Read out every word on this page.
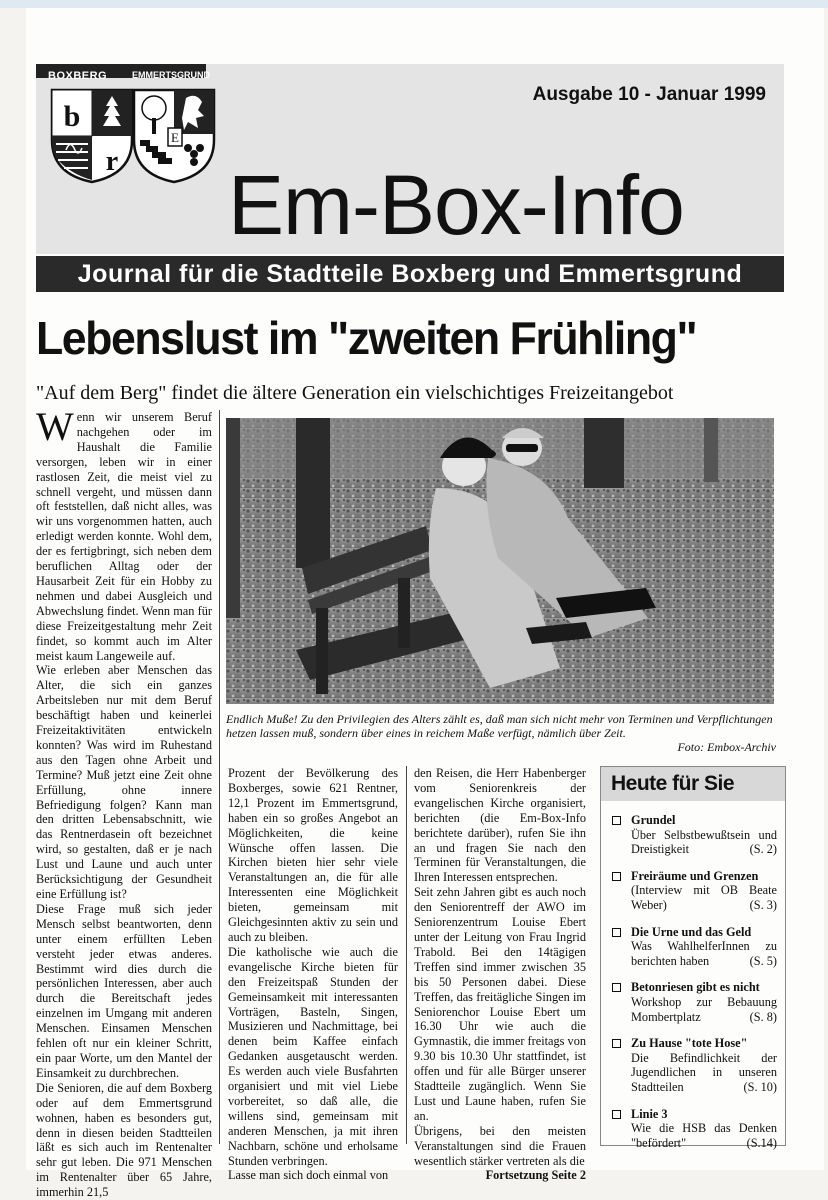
BOXBERG	EMMERTSGRUND
b
r
E
Ausgabe 10 - Januar 1999
Em-Box-Info
Journal für die Stadtteile Boxberg und Emmertsgrund
Lebenslust im "zweiten Frühling"
"Auf dem Berg" findet die ältere Generation ein vielschichtiges Freizeitangebot

Wenn wir unserem Beruf nachgehen oder im Haushalt die Familie versorgen, leben wir in einer rastlosen Zeit, die meist viel zu schnell vergeht, und müssen dann oft feststellen, daß nicht alles, was wir uns vorgenommen hatten, auch erledigt werden konnte. Wohl dem, der es fertigbringt, sich neben dem beruflichen Alltag oder der Hausarbeit Zeit für ein Hobby zu nehmen und dabei Ausgleich und Abwechslung findet. Wenn man für diese Freizeitgestaltung mehr Zeit findet, so kommt auch im Alter meist kaum Langeweile auf.

Wie erleben aber Menschen das Alter, die sich ein ganzes Arbeitsleben nur mit dem Beruf beschäftigt haben und keinerlei Freizeitaktivitäten entwickeln konnten? Was wird im Ruhestand aus den Tagen ohne Arbeit und Termine? Muß jetzt eine Zeit ohne Erfüllung, ohne innere Befriedigung folgen? Kann man den dritten Lebensabschnitt, wie das Rentnerdasein oft bezeichnet wird, so gestalten, daß er je nach Lust und Laune und auch unter Berücksichtigung der Gesundheit eine Erfüllung ist?

Diese Frage muß sich jeder Mensch selbst beantworten, denn unter einem erfüllten Leben versteht jeder etwas anderes. Bestimmt wird dies durch die persönlichen Interessen, aber auch durch die Bereitschaft jedes einzelnen im Umgang mit anderen Menschen. Einsamen Menschen fehlen oft nur ein kleiner Schritt, ein paar Worte, um den Mantel der Einsamkeit zu durchbrechen.

Die Senioren, die auf dem Boxberg oder auf dem Emmertsgrund wohnen, haben es besonders gut, denn in diesen beiden Stadtteilen läßt es sich auch im Rentenalter sehr gut leben. Die 971 Menschen im Rentenalter über 65 Jahre, immerhin 21,5

Endlich Muße! Zu den Privilegien des Alters zählt es, daß man sich nicht mehr von Terminen und Verpflichtungen hetzen lassen muß, sondern über eines in reichem Maße verfügt, nämlich über Zeit.
Foto: Embox-Archiv

Prozent der Bevölkerung des Boxberges, sowie 621 Rentner, 12,1 Prozent im Emmertsgrund, haben ein so großes Angebot an Möglichkeiten, die keine Wünsche offen lassen. Die Kirchen bieten hier sehr viele Veranstaltungen an, die für alle Interessenten eine Möglichkeit bieten, gemeinsam mit Gleichgesinnten aktiv zu sein und auch zu bleiben.

Die katholische wie auch die evangelische Kirche bieten für den Freizeitspaß Stunden der Gemeinsamkeit mit interessanten Vorträgen, Basteln, Singen, Musizieren und Nachmittage, bei denen beim Kaffee einfach Gedanken ausgetauscht werden. Es werden auch viele Busfahrten organisiert und mit viel Liebe vorbereitet, so daß alle, die willens sind, gemeinsam mit anderen Menschen, ja mit ihren Nachbarn, schöne und erholsame Stunden verbringen.

Lasse man sich doch einmal von

den Reisen, die Herr Habenberger vom Seniorenkreis der evangelischen Kirche organisiert, berichten (die Em-Box-Info berichtete darüber), rufen Sie ihn an und fragen Sie nach den Terminen für Veranstaltungen, die Ihren Interessen entsprechen.

Seit zehn Jahren gibt es auch noch den Seniorentreff der AWO im Seniorenzentrum Louise Ebert unter der Leitung von Frau Ingrid Trabold. Bei den 14tägigen Treffen sind immer zwischen 35 bis 50 Personen dabei. Diese Treffen, das freitägliche Singen im Seniorenchor Louise Ebert um 16.30 Uhr wie auch die Gymnastik, die immer freitags von 9.30 bis 10.30 Uhr stattfindet, ist offen und für alle Bürger unserer Stadtteile zugänglich. Wenn Sie Lust und Laune haben, rufen Sie an.

Übrigens, bei den meisten Veranstaltungen sind die Frauen wesentlich stärker vertreten als die

Fortsetzung Seite 2

Heute für Sie
Grundel
Über Selbstbewußtsein und Dreistigkeit	(S. 2)
Freiräume und Grenzen
(Interview mit OB Beate Weber)	(S. 3)
Die Urne und das Geld
Was WahlhelferInnen zu berichten haben	(S. 5)
Betonriesen gibt es nicht
Workshop zur Bebauung Mombertplatz	(S. 8)
Zu Hause "tote Hose"
Die Befindlichkeit der Jugendlichen in unseren Stadtteilen	(S. 10)
Linie 3
Wie die HSB das Denken "befördert"	(S.14)
